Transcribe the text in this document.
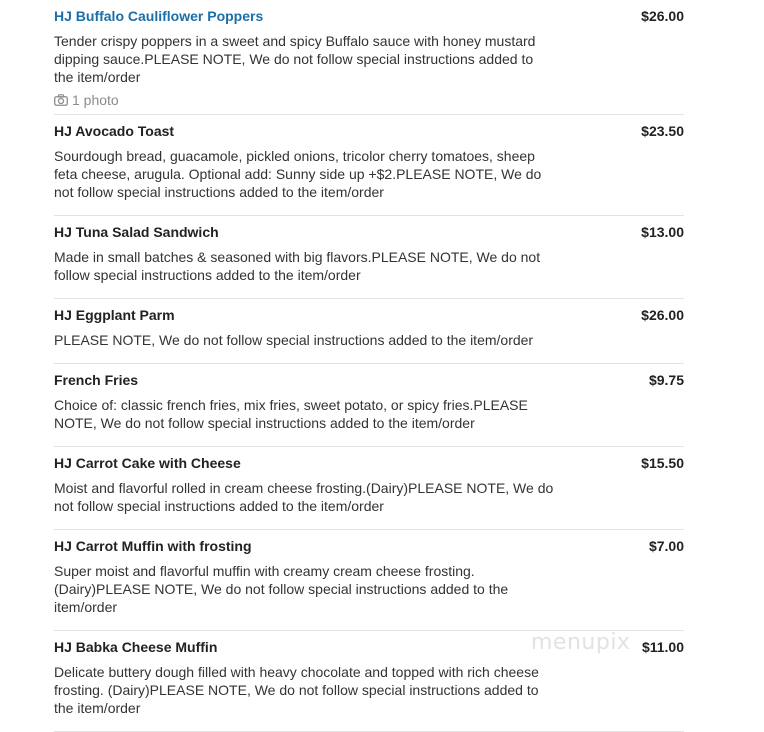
HJ Buffalo Cauliflower Poppers	$26.00
Tender crispy poppers in a sweet and spicy Buffalo sauce with honey mustard dipping sauce.PLEASE NOTE, We do not follow special instructions added to the item/order
1 photo
HJ Avocado Toast	$23.50
Sourdough bread, guacamole, pickled onions, tricolor cherry tomatoes, sheep feta cheese, arugula. Optional add: Sunny side up +$2.PLEASE NOTE, We do not follow special instructions added to the item/order
HJ Tuna Salad Sandwich	$13.00
Made in small batches & seasoned with big flavors.PLEASE NOTE, We do not follow special instructions added to the item/order
HJ Eggplant Parm	$26.00
PLEASE NOTE, We do not follow special instructions added to the item/order
French Fries	$9.75
Choice of: classic french fries, mix fries, sweet potato, or spicy fries.PLEASE NOTE, We do not follow special instructions added to the item/order
HJ Carrot Cake with Cheese	$15.50
Moist and flavorful rolled in cream cheese frosting.(Dairy)PLEASE NOTE, We do not follow special instructions added to the item/order
HJ Carrot Muffin with frosting	$7.00
Super moist and flavorful muffin with creamy cream cheese frosting.(Dairy)PLEASE NOTE, We do not follow special instructions added to the item/order
HJ Babka Cheese Muffin	$11.00
Delicate buttery dough filled with heavy chocolate and topped with rich cheese frosting. (Dairy)PLEASE NOTE, We do not follow special instructions added to the item/order
menupix
